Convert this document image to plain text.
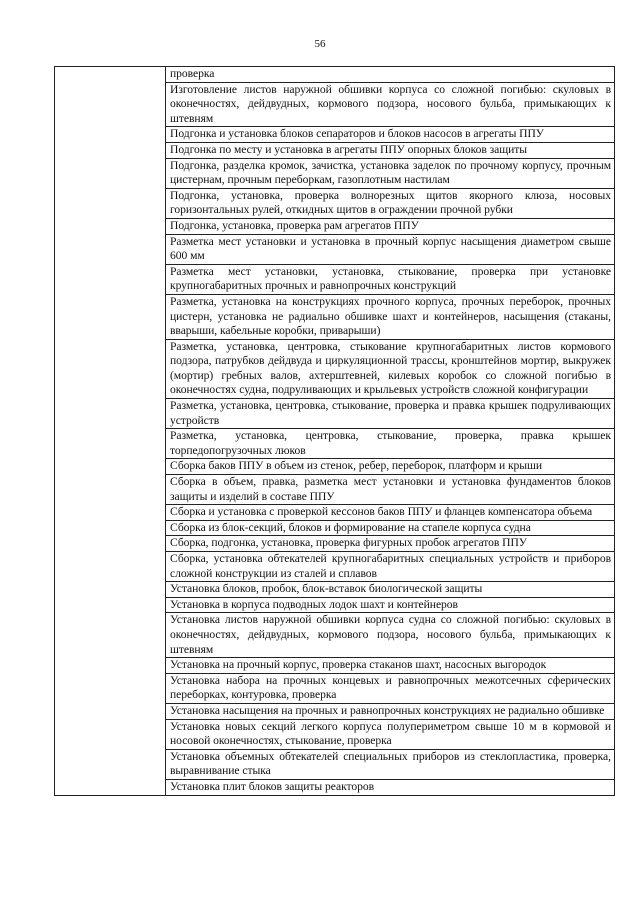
56

проверка
Изготовление листов наружной обшивки корпуса со сложной погибью: скуловых в оконечностях, дейдвудных, кормового подзора, носового бульба, примыкающих к штевням
Подгонка и установка блоков сепараторов и блоков насосов в агрегаты ППУ
Подгонка по месту и установка в агрегаты ППУ опорных блоков защиты
Подгонка, разделка кромок, зачистка, установка заделок по прочному корпусу, прочным цистернам, прочным переборкам, газоплотным настилам
Подгонка, установка, проверка волнорезных щитов якорного клюза, носовых горизонтальных рулей, откидных щитов в ограждении прочной рубки
Подгонка, установка, проверка рам агрегатов ППУ
Разметка мест установки и установка в прочный корпус насыщения диаметром свыше 600 мм
Разметка мест установки, установка, стыкование, проверка при установке крупногабаритных прочных и равнопрочных конструкций
Разметка, установка на конструкциях прочного корпуса, прочных переборок, прочных цистерн, установка не радиально обшивке шахт и контейнеров, насыщения (стаканы, вварыши, кабельные коробки, приварыши)
Разметка, установка, центровка, стыкование крупногабаритных листов кормового подзора, патрубков дейдвуда и циркуляционной трассы, кронштейнов мортир, выкружек (мортир) гребных валов, ахтерштевней, килевых коробок со сложной погибью в оконечностях судна, подруливающих и крыльевых устройств сложной конфигурации
Разметка, установка, центровка, стыкование, проверка и правка крышек подруливающих устройств
Разметка, установка, центровка, стыкование, проверка, правка крышек торпедопогрузочных люков
Сборка баков ППУ в объем из стенок, ребер, переборок, платформ и крыши
Сборка в объем, правка, разметка мест установки и установка фундаментов блоков защиты и изделий в составе ППУ
Сборка и установка с проверкой кессонов баков ППУ и фланцев компенсатора объема
Сборка из блок-секций, блоков и формирование на стапеле корпуса судна
Сборка, подгонка, установка, проверка фигурных пробок агрегатов ППУ
Сборка, установка обтекателей крупногабаритных специальных устройств и приборов сложной конструкции из сталей и сплавов
Установка блоков, пробок, блок-вставок биологической защиты
Установка в корпуса подводных лодок шахт и контейнеров
Установка листов наружной обшивки корпуса судна со сложной погибью: скуловых в оконечностях, дейдвудных, кормового подзора, носового бульба, примыкающих к штевням
Установка на прочный корпус, проверка стаканов шахт, насосных выгородок
Установка набора на прочных концевых и равнопрочных межотсечных сферических переборках, контуровка, проверка
Установка насыщения на прочных и равнопрочных конструкциях не радиально обшивке
Установка новых секций легкого корпуса полупериметром свыше 10 м в кормовой и носовой оконечностях, стыкование, проверка
Установка объемных обтекателей специальных приборов из стеклопластика, проверка, выравнивание стыка
Установка плит блоков защиты реакторов
